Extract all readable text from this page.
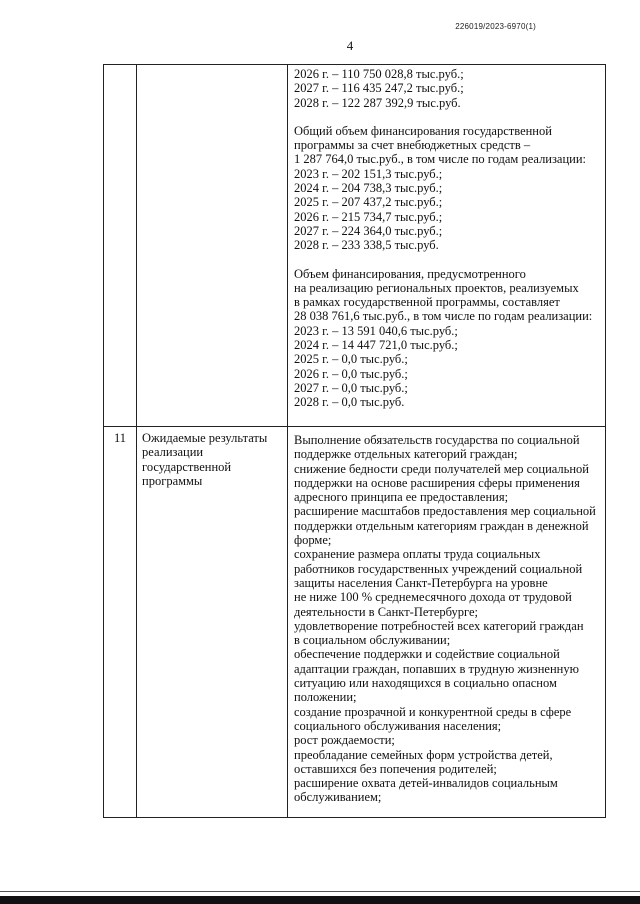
226019/2023-6970(1)
4

2026 г. – 110 750 028,8 тыс.руб.;

2027 г. – 116 435 247,2 тыс.руб.;

2028 г. – 122 287 392,9 тыс.руб.

Общий объем финансирования государственной

программы за счет внебюджетных средств –

1 287 764,0 тыс.руб., в том числе по годам реализации:

2023 г. – 202 151,3 тыс.руб.;

2024 г. – 204 738,3 тыс.руб.;

2025 г. – 207 437,2 тыс.руб.;

2026 г. – 215 734,7 тыс.руб.;

2027 г. – 224 364,0 тыс.руб.;

2028 г. – 233 338,5 тыс.руб.

Объем финансирования, предусмотренного

на реализацию региональных проектов, реализуемых

в рамках государственной программы, составляет

28 038 761,6 тыс.руб., в том числе по годам реализации:

2023 г. – 13 591 040,6 тыс.руб.;

2024 г. – 14 447 721,0 тыс.руб.;

2025 г. – 0,0 тыс.руб.;

2026 г. – 0,0 тыс.руб.;

2027 г. – 0,0 тыс.руб.;

2028 г. – 0,0 тыс.руб.

11	Ожидаемые результаты

реализации

государственной

программы

Выполнение обязательств государства по социальной

поддержке отдельных категорий граждан;

снижение бедности среди получателей мер социальной

поддержки на основе расширения сферы применения

адресного принципа ее предоставления;

расширение масштабов предоставления мер социальной

поддержки отдельным категориям граждан в денежной

форме;

сохранение размера оплаты труда социальных

работников государственных учреждений социальной

защиты населения Санкт-Петербурга на уровне

не ниже 100 % среднемесячного дохода от трудовой

деятельности в Санкт-Петербурге;

удовлетворение потребностей всех категорий граждан

в социальном обслуживании;

обеспечение поддержки и содействие социальной

адаптации граждан, попавших в трудную жизненную

ситуацию или находящихся в социально опасном

положении;

создание прозрачной и конкурентной среды в сфере

социального обслуживания населения;

рост рождаемости;

преобладание семейных форм устройства детей,

оставшихся без попечения родителей;

расширение охвата детей-инвалидов социальным

обслуживанием;
